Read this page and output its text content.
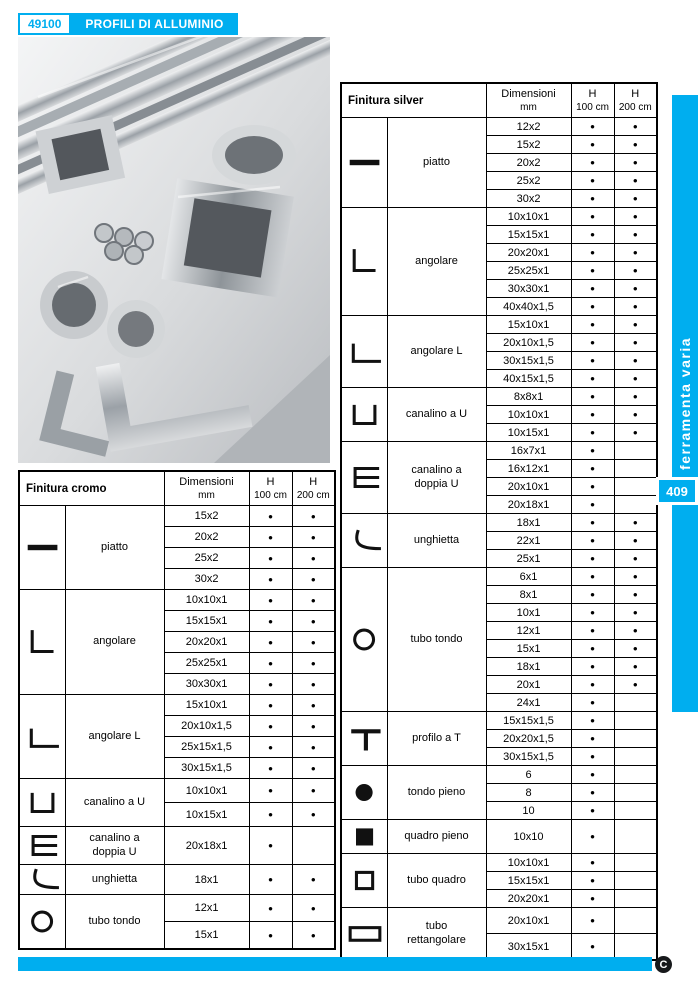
49100	PROFILI DI ALLUMINIO
Finitura silver		Dimensioni
mm	H
100 cm	H
200 cm

	piatto	12x2	•	•
		15x2	•	•
		20x2	•	•
		25x2	•	•
		30x2	•	•

	angolare	10x10x1	•	•
		15x15x1	•	•
		20x20x1	•	•
		25x25x1	•	•
		30x30x1	•	•
		40x40x1,5	•	•

	angolare L	15x10x1	•	•
		20x10x1,5	•	•
		30x15x1,5	•	•
		40x15x1,5	•	•

	canalino a U	8x8x1	•	•
		10x10x1	•	•
		10x15x1	•	•

	canalino a doppia U	16x7x1	•	
		16x12x1	•	
		20x10x1	•	
		20x18x1	•	

	unghietta	18x1	•	•
		22x1	•	•
		25x1	•	•

	tubo tondo	6x1	•	•
		8x1	•	•
		10x1	•	•
		12x1	•	•
		15x1	•	•
		18x1	•	•
		20x1	•	•
		24x1	•	

	profilo a T	15x15x1,5	•	
		20x20x1,5	•	
		30x15x1,5	•	

	tondo pieno	6	•	
		8	•	
		10	•	

	quadro pieno	10x10	•	

	tubo quadro	10x10x1	•	
		15x15x1	•	
		20x20x1	•	

	tubo rettangolare	20x10x1	•	
		30x15x1	•	
Finitura cromo		Dimensioni
mm	H
100 cm	H
200 cm

	piatto	15x2	•	•
		20x2	•	•
		25x2	•	•
		30x2	•	•

	angolare	10x10x1	•	•
		15x15x1	•	•
		20x20x1	•	•
		25x25x1	•	•
		30x30x1	•	•

	angolare L	15x10x1	•	•
		20x10x1,5	•	•
		25x15x1,5	•	•
		30x15x1,5	•	•

	canalino a U	10x10x1	•	•
		10x15x1	•	•

	canalino a doppia U	20x18x1	•	

	unghietta	18x1	•	•

	tubo tondo	12x1	•	•
		15x1	•	•
ferramenta varia
409
C
